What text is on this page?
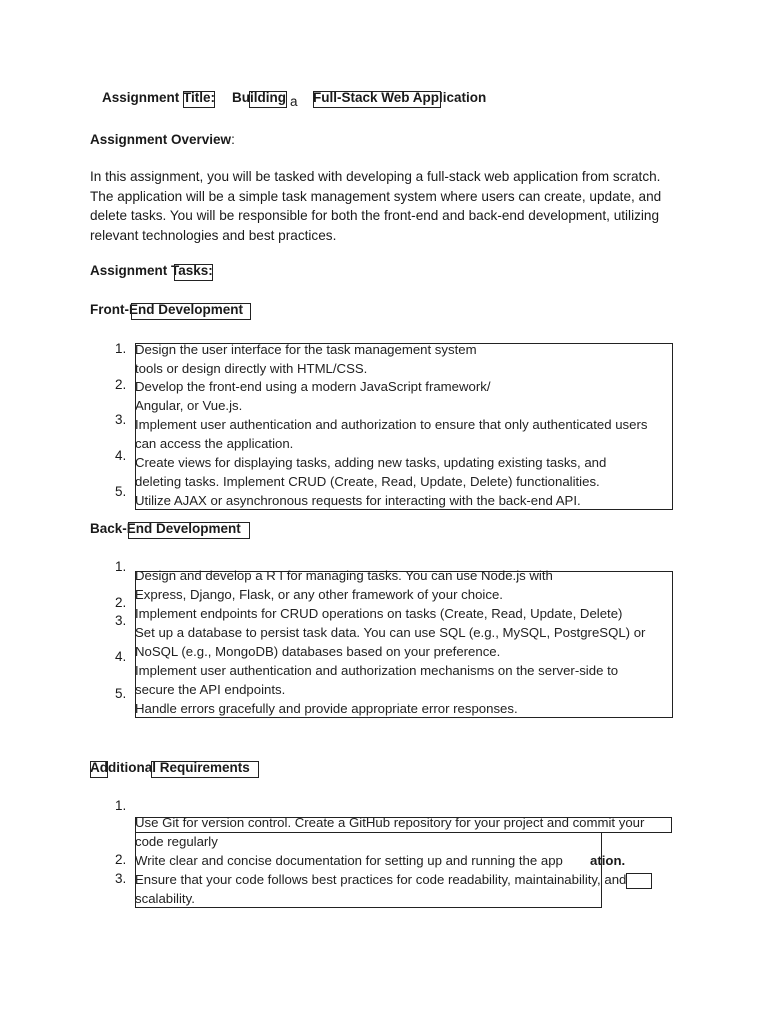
Assignment Title: Building a Full-Stack Web Application
Assignment Overview:
In this assignment, you will be tasked with developing a full-stack web application from scratch.
The application will be a simple task management system where users can create, update, and
delete tasks. You will be responsible for both the front-end and back-end development, utilizing
relevant technologies and best practices.
Assignment Tasks:
Front-End Development
1.
2.
3.
4.
5.
Design the user interface for the task management system
tools or design directly with HTML/CSS.
Develop the front-end using a modern JavaScript framework/
Angular, or Vue.js.
Implement user authentication and authorization to ensure that only authenticated users
can access the application.
Create views for displaying tasks, adding new tasks, updating existing tasks, and
deleting tasks. Implement CRUD (Create, Read, Update, Delete) functionalities.
Utilize AJAX or asynchronous requests for interacting with the back-end API.
Back-End Development
1.
2.
3.
4.
5.
Design and develop a R I for managing tasks. You can use Node.js with
Express, Django, Flask, or any other framework of your choice.
Implement endpoints for CRUD operations on tasks (Create, Read, Update, Delete)
Set up a database to persist task data. You can use SQL (e.g., MySQL, PostgreSQL) or
NoSQL (e.g., MongoDB) databases based on your preference.
Implement user authentication and authorization mechanisms on the server-side to
secure the API endpoints.
Handle errors gracefully and provide appropriate error responses.
Additional Requirements
1.
2.
3.
Use Git for version control. Create a GitHub repository for your project and commit your
code regularly
Write clear and concise documentation for setting up and running the app
Ensure that your code follows best practices for code readability, maintainability, and
scalability.
ation.
